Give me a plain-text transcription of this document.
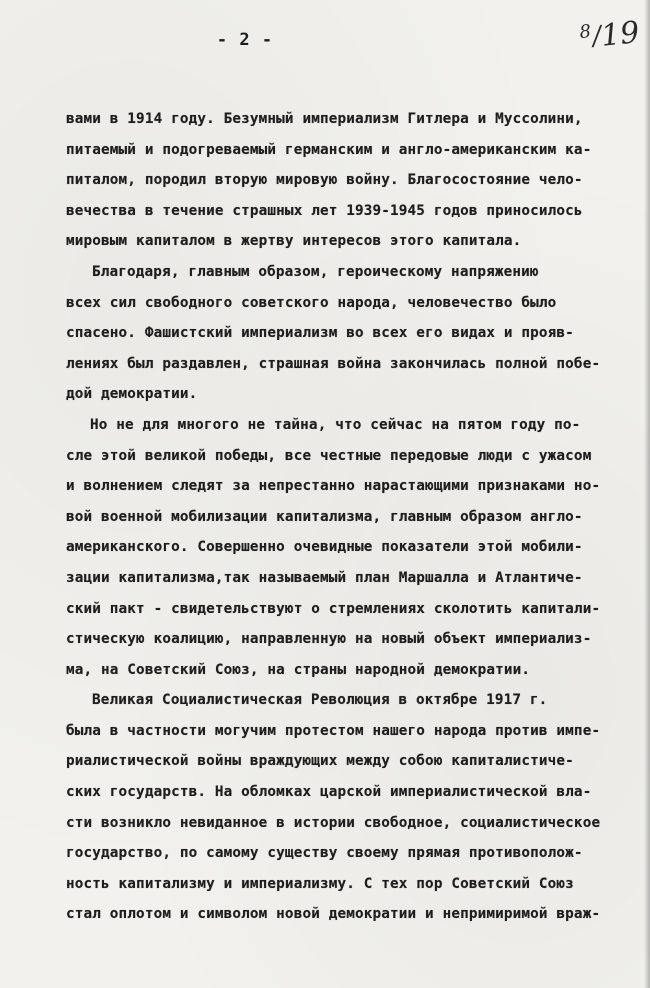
- 2 -	$^8$/19
вами в 1914 году. Безумный империализм Гитлера и Муссолини,
питаемый и подогреваемый германским и англо-американским ка-
питалом, породил вторую мировую войну. Благосостояние чело-
вечества в течение страшных лет 1939-1945 годов приносилось
мировым капиталом в жертву интересов этого капитала.
Благодаря, главным образом, героическому напряжению
всех сил свободного советского народа, человечество было
спасено. Фашистский империализм во всех его видах и прояв-
лениях был раздавлен, страшная война закончилась полной побе-
дой демократии.
Но не для многого не тайна, что сейчас на пятом году по-
сле этой великой победы, все честные передовые люди с ужасом
и волнением следят за непрестанно нарастающими признаками но-
вой военной мобилизации капитализма, главным образом англо-
американского. Совершенно очевидные показатели этой мобили-
зации капитализма,так называемый план Маршалла и Атлантиче-
ский пакт - свидетельствуют о стремлениях сколотить капитали-
стическую коалицию, направленную на новый объект империализ-
ма, на Советский Союз, на страны народной демократии.
Великая Социалистическая Революция в октябре 1917 г.
была в частности могучим протестом нашего народа против импе-
риалистической войны враждующих между собою капиталистиче-
ских государств. На обломках царской империалистической вла-
сти возникло невиданное в истории свободное, социалистическое
государство, по самому существу своему прямая противополож-
ность капитализму и империализму. С тех пор Советский Союз
стал оплотом и символом новой демократии и непримиримой враж-
